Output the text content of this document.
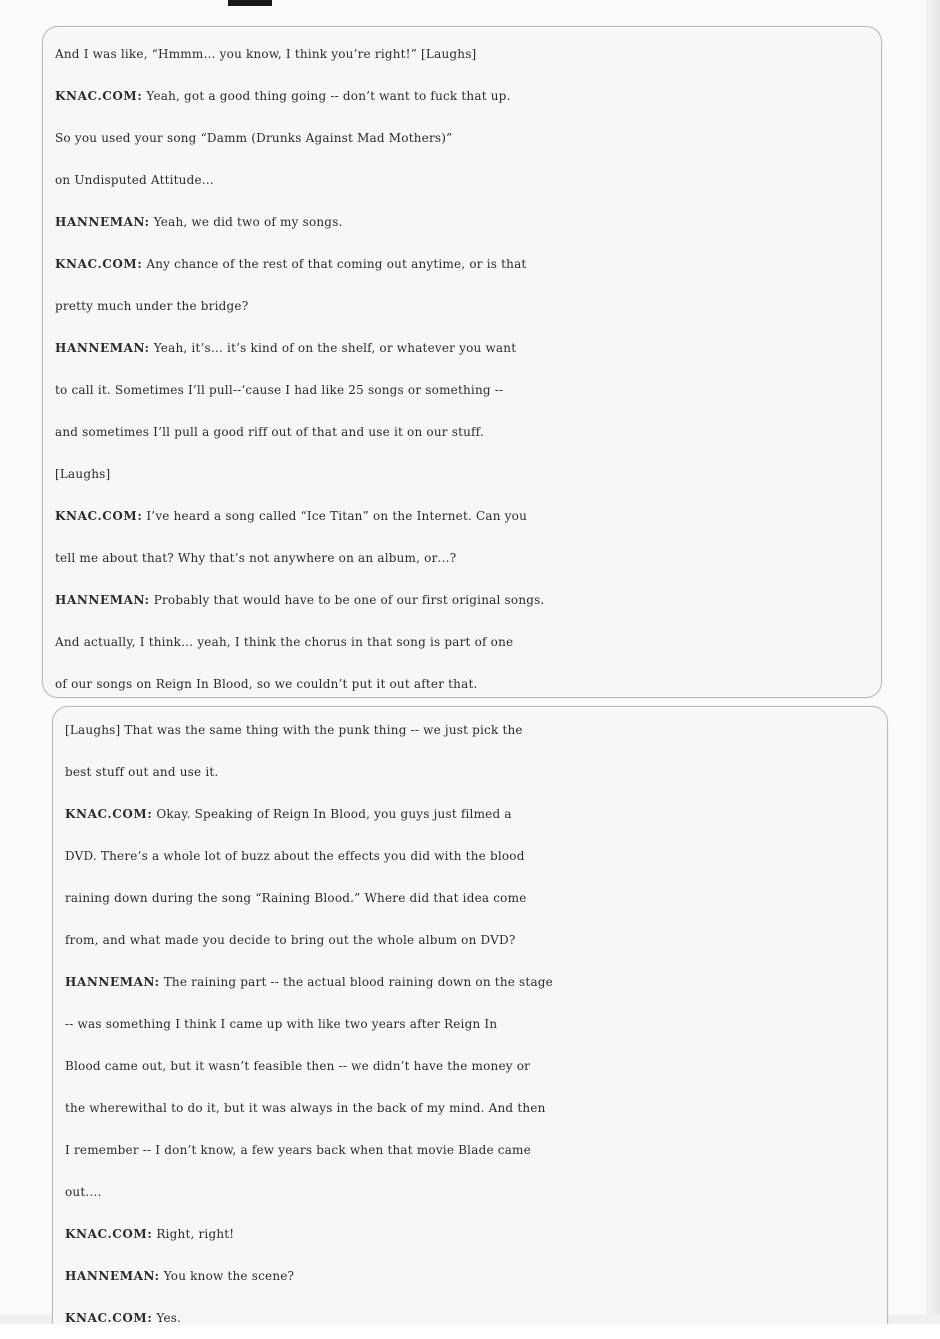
And I was like, “Hmmm… you know, I think you’re right!” [Laughs]
KNAC.COM: Yeah, got a good thing going -- don’t want to fuck that up.
So you used your song “Damm (Drunks Against Mad Mothers)”
on Undisputed Attitude…
HANNEMAN: Yeah, we did two of my songs.
KNAC.COM: Any chance of the rest of that coming out anytime, or is that
pretty much under the bridge?
HANNEMAN: Yeah, it’s… it’s kind of on the shelf, or whatever you want
to call it. Sometimes I’ll pull--‘cause I had like 25 songs or something --
and sometimes I’ll pull a good riff out of that and use it on our stuff.
[Laughs]
KNAC.COM: I’ve heard a song called “Ice Titan” on the Internet. Can you
tell me about that? Why that’s not anywhere on an album, or…?
HANNEMAN: Probably that would have to be one of our first original songs.
And actually, I think… yeah, I think the chorus in that song is part of one
of our songs on Reign In Blood, so we couldn’t put it out after that.
[Laughs] That was the same thing with the punk thing -- we just pick the
best stuff out and use it.
KNAC.COM: Okay. Speaking of Reign In Blood, you guys just filmed a
DVD. There’s a whole lot of buzz about the effects you did with the blood
raining down during the song “Raining Blood.” Where did that idea come
from, and what made you decide to bring out the whole album on DVD?
HANNEMAN: The raining part -- the actual blood raining down on the stage
-- was something I think I came up with like two years after Reign In
Blood came out, but it wasn’t feasible then -- we didn’t have the money or
the wherewithal to do it, but it was always in the back of my mind. And then
I remember -- I don’t know, a few years back when that movie Blade came
out….
KNAC.COM: Right, right!
HANNEMAN: You know the scene?
KNAC.COM: Yes.
